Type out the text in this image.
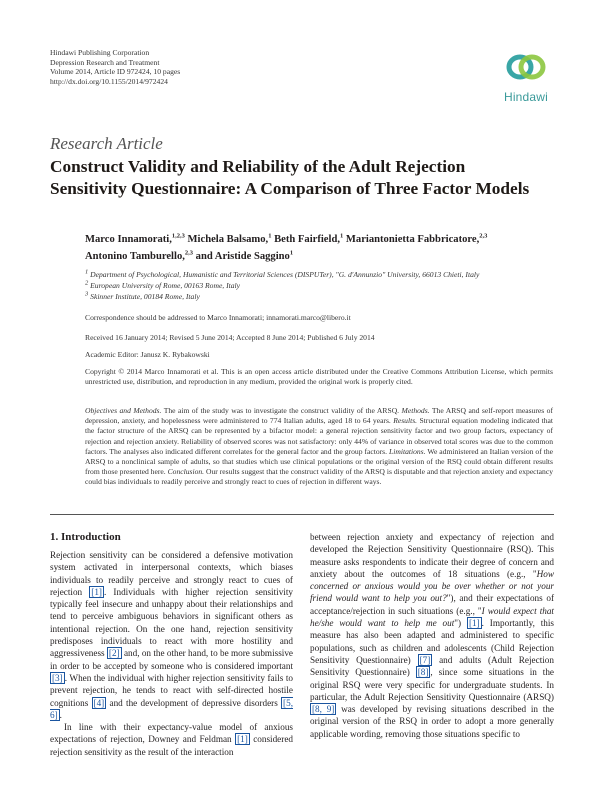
Hindawi Publishing Corporation
Depression Research and Treatment
Volume 2014, Article ID 972424, 10 pages
http://dx.doi.org/10.1155/2014/972424
Hindawi
Research Article
Construct Validity and Reliability of the Adult Rejection
Sensitivity Questionnaire: A Comparison of Three Factor Models
Marco Innamorati,$^{1,2,3}$ Michela Balsamo,$^1$ Beth Fairfield,$^1$ Mariantonietta Fabbricatore,$^{2,3}$
Antonino Tamburello,$^{2,3}$ and Aristide Saggino$^1$
$^1$ Department of Psychological, Humanistic and Territorial Sciences (DISPUTer), "G. d'Annunzio" University, 66013 Chieti, Italy
$^2$ European University of Rome, 00163 Rome, Italy
$^3$ Skinner Institute, 00184 Rome, Italy
Correspondence should be addressed to Marco Innamorati; innamorati.marco@libero.it
Received 16 January 2014; Revised 5 June 2014; Accepted 8 June 2014; Published 6 July 2014
Academic Editor: Janusz K. Rybakowski
Copyright © 2014 Marco Innamorati et al. This is an open access article distributed under the Creative Commons Attribution License, which permits unrestricted use, distribution, and reproduction in any medium, provided the original work is properly cited.
Objectives and Methods. The aim of the study was to investigate the construct validity of the ARSQ. Methods. The ARSQ and self-report measures of depression, anxiety, and hopelessness were administered to 774 Italian adults, aged 18 to 64 years. Results. Structural equation modeling indicated that the factor structure of the ARSQ can be represented by a bifactor model: a general rejection sensitivity factor and two group factors, expectancy of rejection and rejection anxiety. Reliability of observed scores was not satisfactory: only 44% of variance in observed total scores was due to the common factors. The analyses also indicated different correlates for the general factor and the group factors. Limitations. We administered an Italian version of the ARSQ to a nonclinical sample of adults, so that studies which use clinical populations or the original version of the RSQ could obtain different results from those presented here. Conclusion. Our results suggest that the construct validity of the ARSQ is disputable and that rejection anxiety and expectancy could bias individuals to readily perceive and strongly react to cues of rejection in different ways.
1. Introduction

Rejection sensitivity can be considered a defensive motivation system activated in interpersonal contexts, which biases individuals to readily perceive and strongly react to cues of rejection [1] . Individuals with higher rejection sensitivity typically feel insecure and unhappy about their relationships and tend to perceive ambiguous behaviors in significant others as intentional rejection. On the one hand, rejection sensitivity predisposes individuals to react with more hostility and aggressiveness [2] and, on the other hand, to be more submissive in order to be accepted by someone who is considered important [3] . When the individual with higher rejection sensitivity fails to prevent rejection, he tends to react with self-directed hostile cognitions [4] and the development of depressive disorders [5, 6] .

In line with their expectancy-value model of anxious expectations of rejection, Downey and Feldman [1] considered rejection sensitivity as the result of the interaction

between rejection anxiety and expectancy of rejection and developed the Rejection Sensitivity Questionnaire (RSQ). This measure asks respondents to indicate their degree of concern and anxiety about the outcomes of 18 situations (e.g., "How concerned or anxious would you be over whether or not your friend would want to help you out?"), and their expectations of acceptance/rejection in such situations (e.g., "I would expect that he/she would want to help me out") [1] . Importantly, this measure has also been adapted and administered to specific populations, such as children and adolescents (Child Rejection Sensitivity Questionnaire) [7] and adults (Adult Rejection Sensitivity Questionnaire) [8] , since some situations in the original RSQ were very specific for undergraduate students. In particular, the Adult Rejection Sensitivity Questionnaire (ARSQ) [8, 9] was developed by revising situations described in the original version of the RSQ in order to adopt a more generally applicable wording, removing those situations specific to
